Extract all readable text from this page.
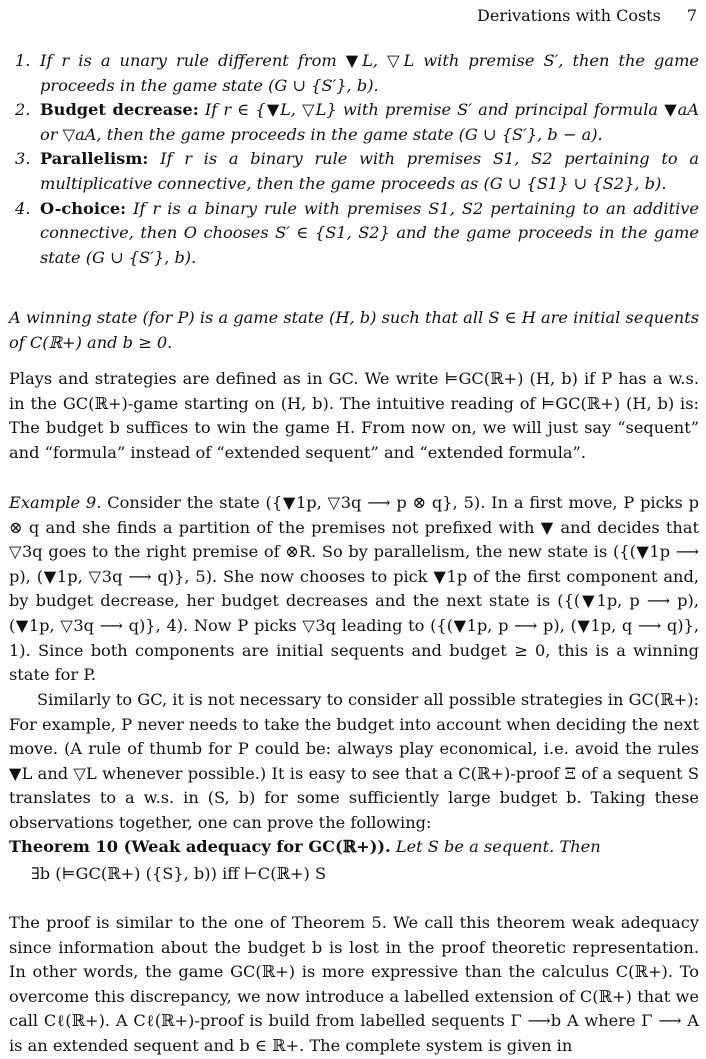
Derivations with Costs 7
1. If r is a unary rule different from ▼L, ▽L with premise S′, then the game proceeds in the game state (G ∪ {S′}, b).
2. Budget decrease: If r ∈ {▼L, ▽L} with premise S′ and principal formula ▼aA or ▽aA, then the game proceeds in the game state (G ∪ {S′}, b − a).
3. Parallelism: If r is a binary rule with premises S1, S2 pertaining to a multiplicative connective, then the game proceeds as (G ∪ {S1} ∪ {S2}, b).
4. O-choice: If r is a binary rule with premises S1, S2 pertaining to an additive connective, then O chooses S′ ∈ {S1, S2} and the game proceeds in the game state (G ∪ {S′}, b).

A winning state (for P) is a game state (H, b) such that all S ∈ H are initial sequents of C(ℝ+) and b ≥ 0.

Plays and strategies are defined as in GC. We write ⊨GC(ℝ+) (H, b) if P has a w.s. in the GC(ℝ+)-game starting on (H, b). The intuitive reading of ⊨GC(ℝ+) (H, b) is: The budget b suffices to win the game H. From now on, we will just say “sequent” and “formula” instead of “extended sequent” and “extended formula”.

Example 9. Consider the state ({▼1p, ▽3q ⟶ p ⊗ q}, 5). In a first move, P picks p ⊗ q and she finds a partition of the premises not prefixed with ▼ and decides that ▽3q goes to the right premise of ⊗R. So by parallelism, the new state is ({(▼1p ⟶ p), (▼1p, ▽3q ⟶ q)}, 5). She now chooses to pick ▼1p of the first component and, by budget decrease, her budget decreases and the next state is ({(▼1p, p ⟶ p), (▼1p, ▽3q ⟶ q)}, 4). Now P picks ▽3q leading to ({(▼1p, p ⟶ p), (▼1p, q ⟶ q)}, 1). Since both components are initial sequents and budget ≥ 0, this is a winning state for P.

Similarly to GC, it is not necessary to consider all possible strategies in GC(ℝ+): For example, P never needs to take the budget into account when deciding the next move. (A rule of thumb for P could be: always play economical, i.e. avoid the rules ▼L and ▽L whenever possible.) It is easy to see that a C(ℝ+)-proof Ξ of a sequent S translates to a w.s. in (S, b) for some sufficiently large budget b. Taking these observations together, one can prove the following:

Theorem 10 (Weak adequacy for GC(ℝ+)). Let S be a sequent. Then

∃b (⊨GC(ℝ+) ({S}, b)) iff ⊢C(ℝ+) S

The proof is similar to the one of Theorem 5. We call this theorem weak adequacy since information about the budget b is lost in the proof theoretic representation. In other words, the game GC(ℝ+) is more expressive than the calculus C(ℝ+). To overcome this discrepancy, we now introduce a labelled extension of C(ℝ+) that we call Cℓ(ℝ+). A Cℓ(ℝ+)-proof is build from labelled sequents Γ ⟶b A where Γ ⟶ A is an extended sequent and b ∈ ℝ+. The complete system is given in
